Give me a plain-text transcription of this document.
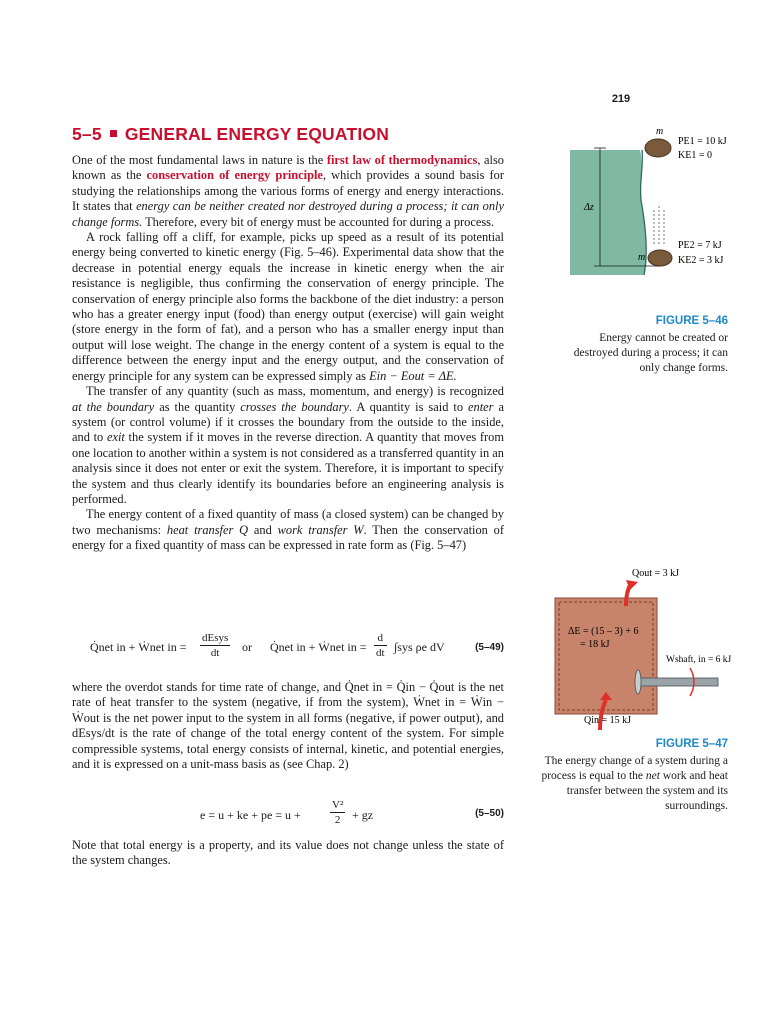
219
5–5 GENERAL ENERGY EQUATION

One of the most fundamental laws in nature is the first law of thermodynamics, also known as the conservation of energy principle, which provides a sound basis for studying the relationships among the various forms of energy and energy interactions. It states that energy can be neither created nor destroyed during a process; it can only change forms. Therefore, every bit of energy must be accounted for during a process.

A rock falling off a cliff, for example, picks up speed as a result of its potential energy being converted to kinetic energy (Fig. 5–46). Experimental data show that the decrease in potential energy equals the increase in kinetic energy when the air resistance is negligible, thus confirming the conservation of energy principle. The conservation of energy principle also forms the backbone of the diet industry: a person who has a greater energy input (food) than energy output (exercise) will gain weight (store energy in the form of fat), and a person who has a smaller energy input than output will lose weight. The change in the energy content of a system is equal to the difference between the energy input and the energy output, and the conservation of energy principle for any system can be expressed simply as Ein − Eout = ΔE.

The transfer of any quantity (such as mass, momentum, and energy) is recognized at the boundary as the quantity crosses the boundary. A quantity is said to enter a system (or control volume) if it crosses the boundary from the outside to the inside, and to exit the system if it moves in the reverse direction. A quantity that moves from one location to another within a system is not considered as a transferred quantity in an analysis since it does not enter or exit the system. Therefore, it is important to specify the system and thus clearly identify its boundaries before an engineering analysis is performed.

The energy content of a fixed quantity of mass (a closed system) can be changed by two mechanisms: heat transfer Q and work transfer W. Then the conservation of energy for a fixed quantity of mass can be expressed in rate form as (Fig. 5–47)

Q̇net in + Ẇnet in =
dEsys
dt	or Q̇net in + Ẇnet in = $\frac{d}{dt} \int sys$ ρe dV	(5–49)

where the overdot stands for time rate of change, and Q̇net in = Q̇in − Q̇out is the net rate of heat transfer to the system (negative, if from the system), Ẇnet in = Ẇin − Ẇout is the net power input to the system in all forms (negative, if power output), and dEsys/dt is the rate of change of the total energy content of the system. For simple compressible systems, total energy consists of internal, kinetic, and potential energies, and it is expressed on a unit-mass basis as (see Chap. 2)

e = u + ke + pe = u +	$\frac{\text{V²}}{2}$ + gz	(5–50)

Note that total energy is a property, and its value does not change unless the state of the system changes.

m
PE1 = 10 kJ
KE1 = 0
Δz
m
PE2 = 7 kJ
KE2 = 3 kJ
FIGURE 5–46
Energy cannot be created or destroyed during a process; it can only change forms.
Qout = 3 kJ
ΔE = (15 – 3) + 6
= 18 kJ
Wshaft, in = 6 kJ
Qin = 15 kJ
FIGURE 5–47
The energy change of a system during a process is equal to the net work and heat transfer between the system and its surroundings.
